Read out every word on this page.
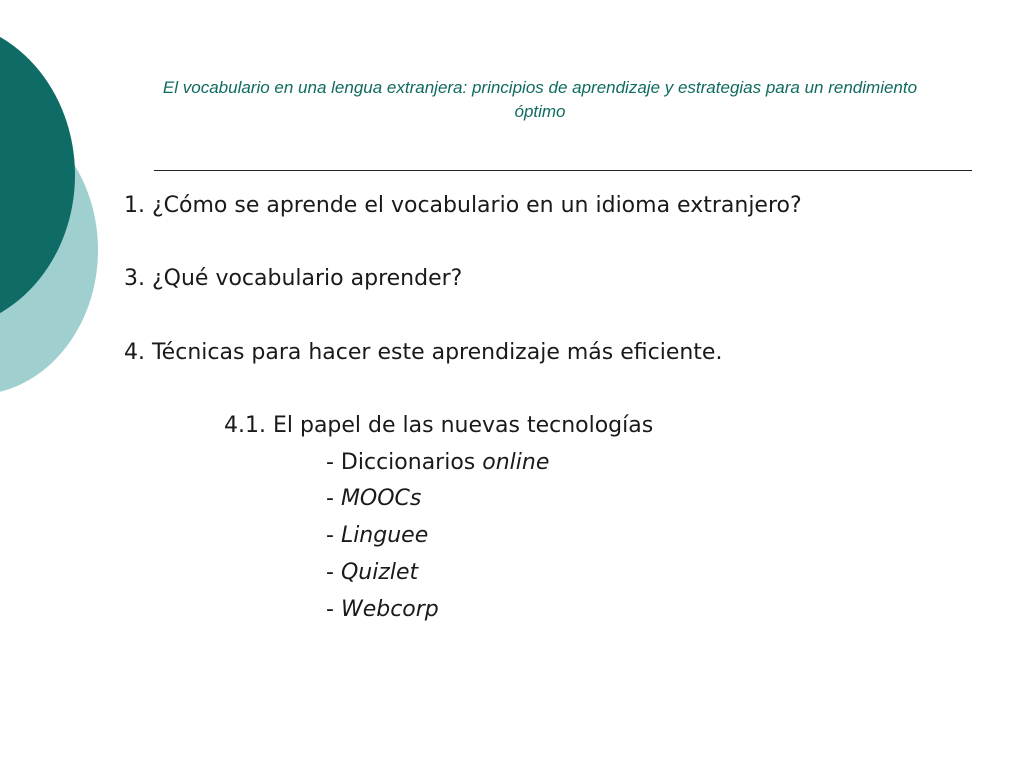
El vocabulario en una lengua extranjera: principios de aprendizaje y estrategias para un rendimiento óptimo
1. ¿Cómo se aprende el vocabulario en un idioma extranjero?
3. ¿Qué vocabulario aprender?
4. Técnicas para hacer este aprendizaje más eficiente.
4.1. El papel de las nuevas tecnologías
- Diccionarios online
- MOOCs
- Linguee
- Quizlet
- Webcorp
